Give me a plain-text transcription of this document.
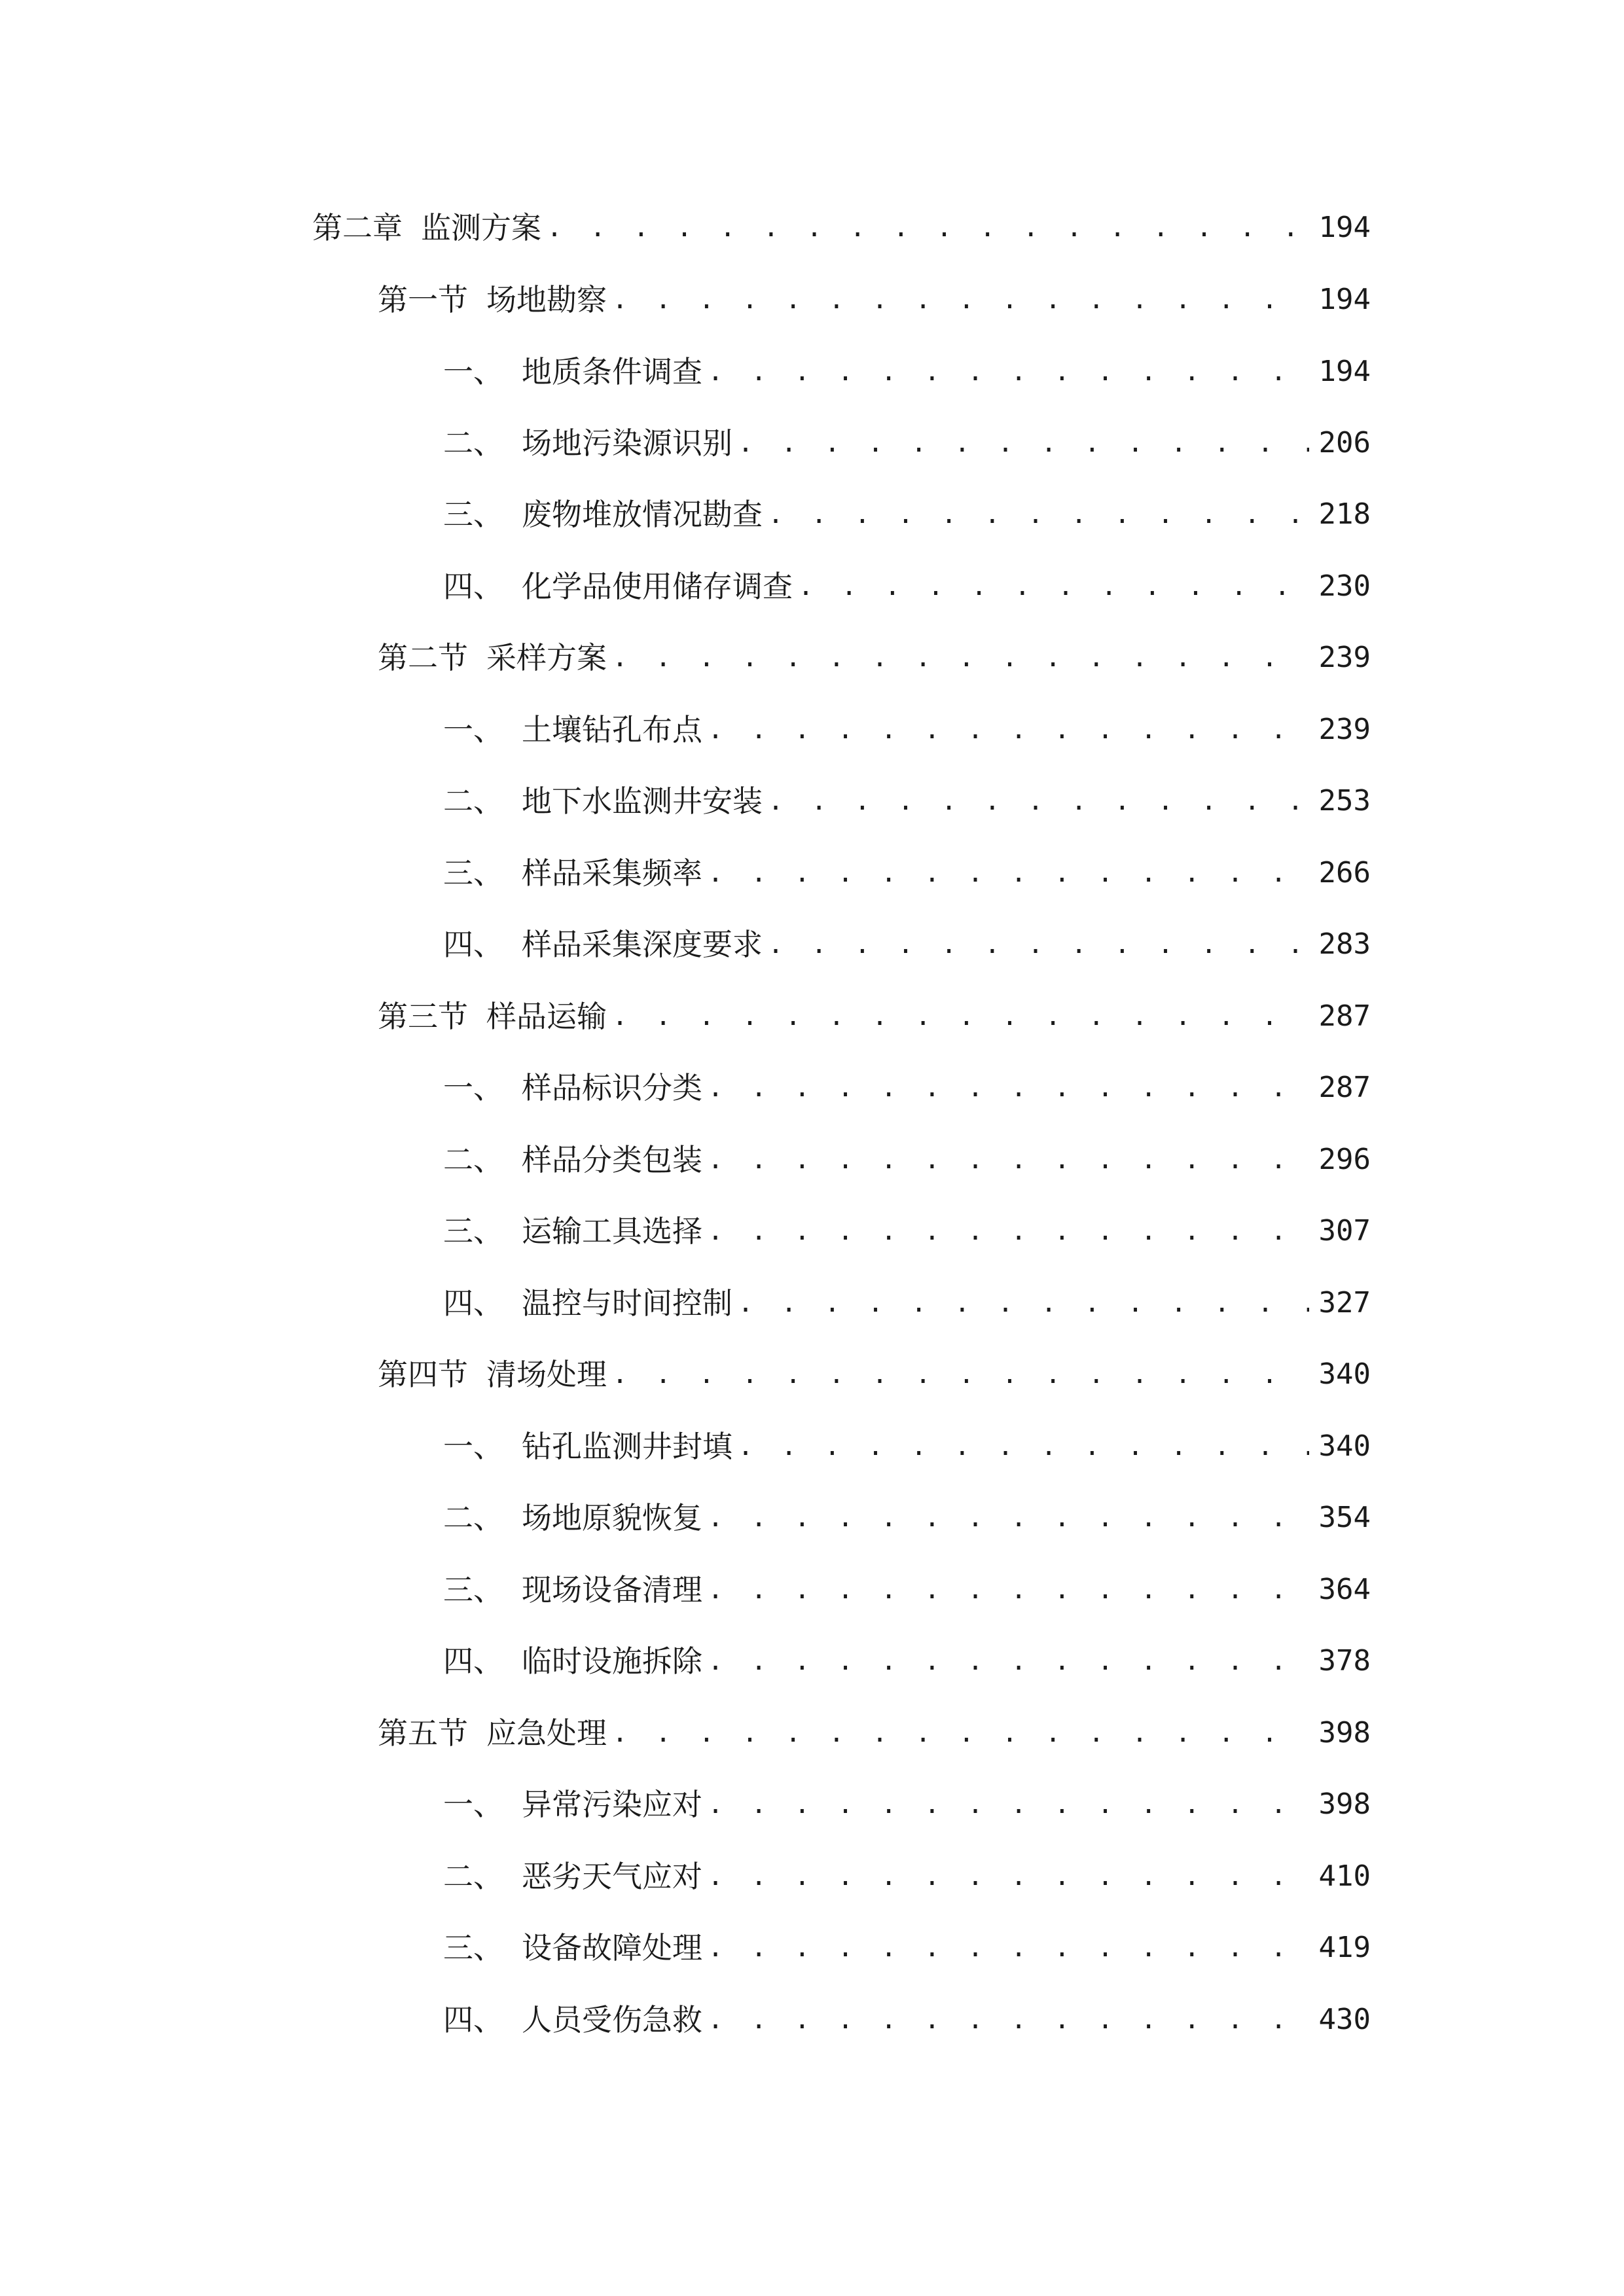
第二章 监测方案 . . .	194
第一节 场地勘察 . . .	194
一、 地质条件调查 . . .	194
二、 场地污染源识别 . . .	206
三、 废物堆放情况勘查 . . .	218
四、 化学品使用储存调查 . . .	230
第二节 采样方案 . . .	239
一、 土壤钻孔布点 . . .	239
二、 地下水监测井安装 . . .	253
三、 样品采集频率 . . .	266
四、 样品采集深度要求 . . .	283
第三节 样品运输 . . .	287
一、 样品标识分类 . . .	287
二、 样品分类包装 . . .	296
三、 运输工具选择 . . .	307
四、 温控与时间控制 . . .	327
第四节 清场处理 . . .	340
一、 钻孔监测井封填 . . .	340
二、 场地原貌恢复 . . .	354
三、 现场设备清理 . . .	364
四、 临时设施拆除 . . .	378
第五节 应急处理 . . .	398
一、 异常污染应对 . . .	398
二、 恶劣天气应对 . . .	410
三、 设备故障处理 . . .	419
四、 人员受伤急救 . . .	430
